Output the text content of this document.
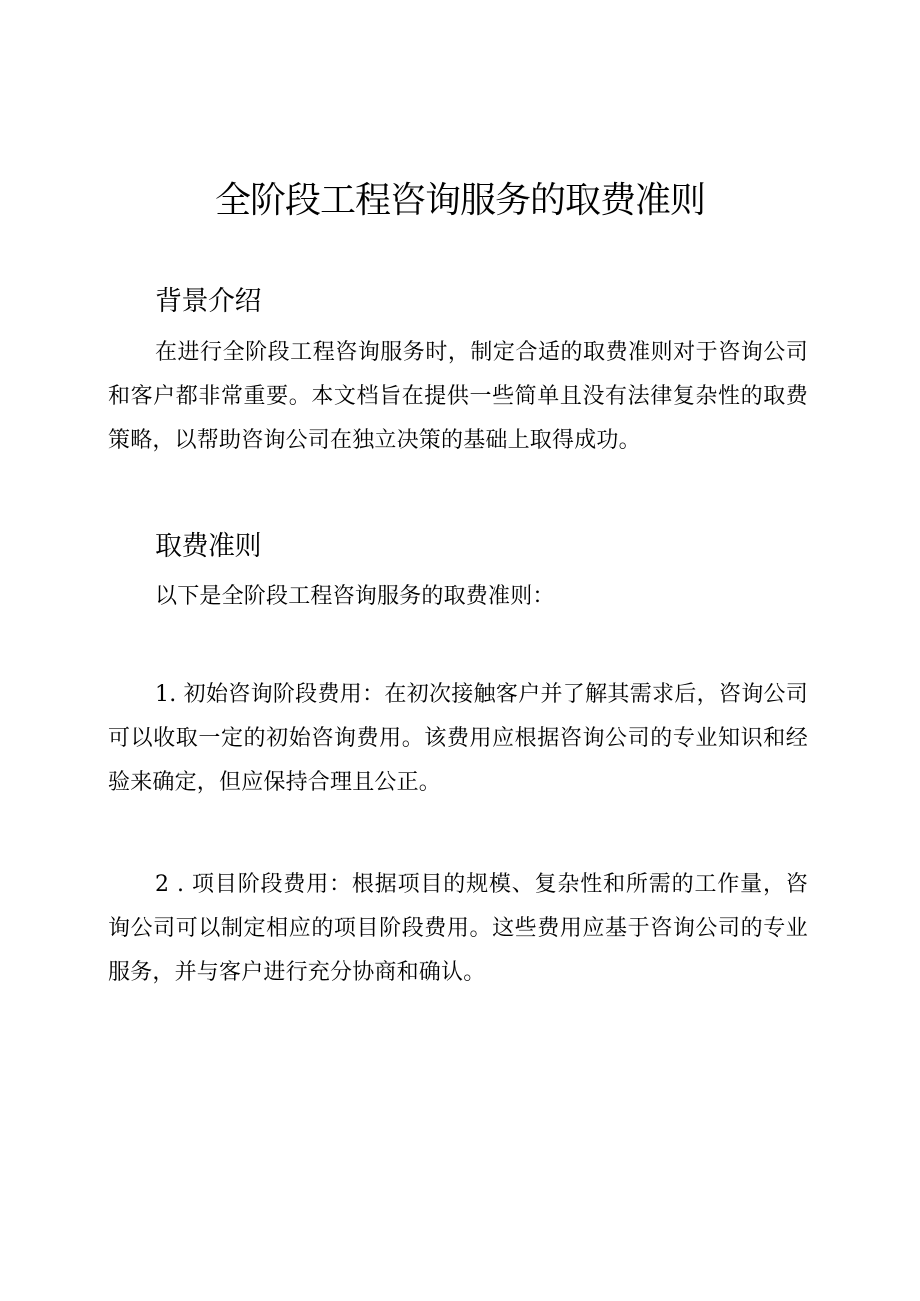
全阶段工程咨询服务的取费准则
背景介绍

在进行全阶段工程咨询服务时，制定合适的取费准则对于咨询公司和客户都非常重要。本文档旨在提供一些简单且没有法律复杂性的取费策略，以帮助咨询公司在独立决策的基础上取得成功。

取费准则

以下是全阶段工程咨询服务的取费准则：

1. 初始咨询阶段费用：在初次接触客户并了解其需求后，咨询公司可以收取一定的初始咨询费用。该费用应根据咨询公司的专业知识和经验来确定，但应保持合理且公正。

2 . 项目阶段费用：根据项目的规模、复杂性和所需的工作量，咨询公司可以制定相应的项目阶段费用。这些费用应基于咨询公司的专业服务，并与客户进行充分协商和确认。
